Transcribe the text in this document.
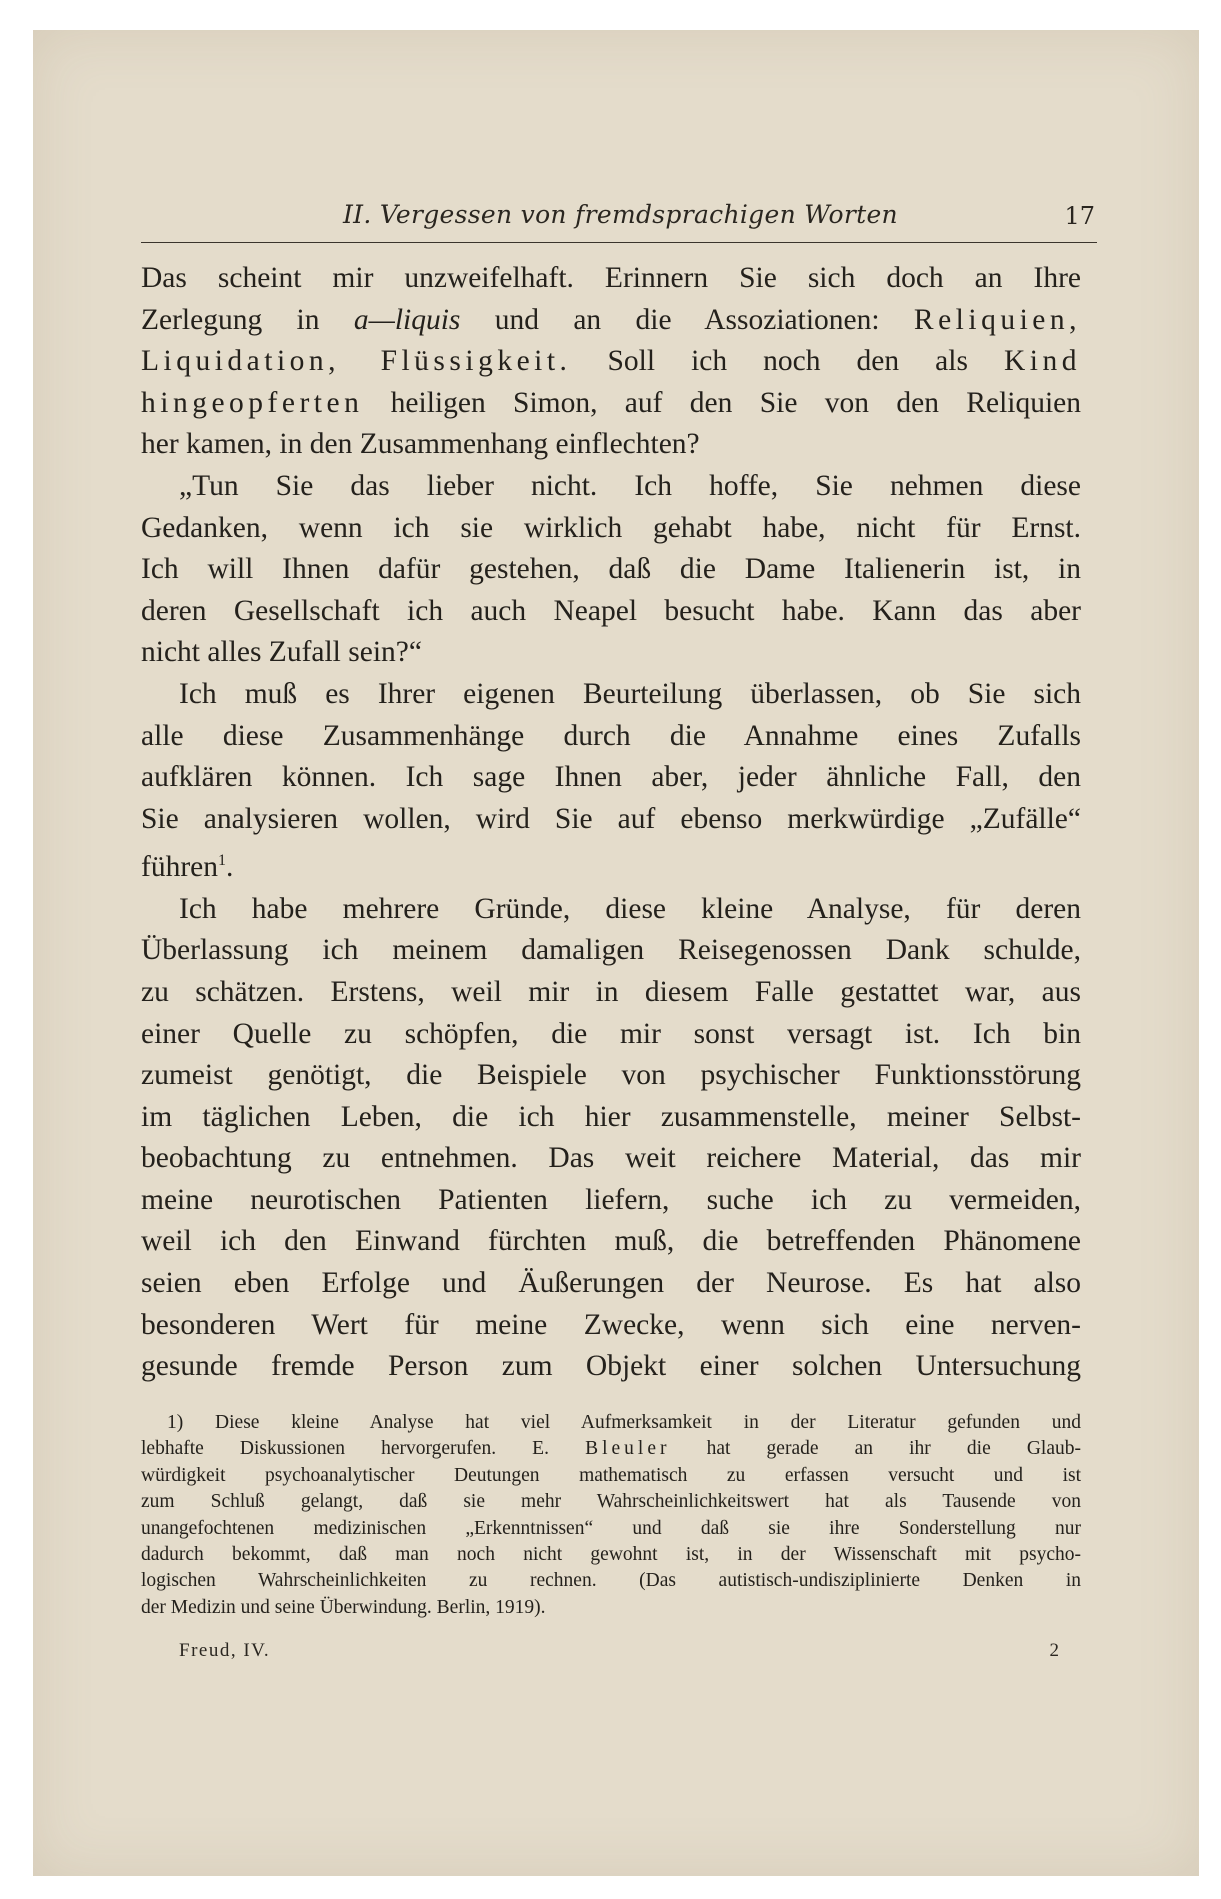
II. Vergessen von fremdsprachigen Worten	17
Das scheint mir unzweifelhaft. Erinnern Sie sich doch an Ihre
Zerlegung in a—liquis und an die Assoziationen: Reliquien,
Liquidation, Flüssigkeit. Soll ich noch den als Kind
hingeopferten heiligen Simon, auf den Sie von den Reliquien
her kamen, in den Zusammenhang einflechten?
„Tun Sie das lieber nicht. Ich hoffe, Sie nehmen diese
Gedanken, wenn ich sie wirklich gehabt habe, nicht für Ernst.
Ich will Ihnen dafür gestehen, daß die Dame Italienerin ist, in
deren Gesellschaft ich auch Neapel besucht habe. Kann das aber
nicht alles Zufall sein?“
Ich muß es Ihrer eigenen Beurteilung überlassen, ob Sie sich
alle diese Zusammenhänge durch die Annahme eines Zufalls
aufklären können. Ich sage Ihnen aber, jeder ähnliche Fall, den
Sie analysieren wollen, wird Sie auf ebenso merkwürdige „Zufälle“
führen$^1$.
Ich habe mehrere Gründe, diese kleine Analyse, für deren
Überlassung ich meinem damaligen Reisegenossen Dank schulde,
zu schätzen. Erstens, weil mir in diesem Falle gestattet war, aus
einer Quelle zu schöpfen, die mir sonst versagt ist. Ich bin
zumeist genötigt, die Beispiele von psychischer Funktionsstörung
im täglichen Leben, die ich hier zusammenstelle, meiner Selbst-
beobachtung zu entnehmen. Das weit reichere Material, das mir
meine neurotischen Patienten liefern, suche ich zu vermeiden,
weil ich den Einwand fürchten muß, die betreffenden Phänomene
seien eben Erfolge und Äußerungen der Neurose. Es hat also
besonderen Wert für meine Zwecke, wenn sich eine nerven-
gesunde fremde Person zum Objekt einer solchen Untersuchung
1) Diese kleine Analyse hat viel Aufmerksamkeit in der Literatur gefunden und
lebhafte Diskussionen hervorgerufen. E. Bleuler hat gerade an ihr die Glaub-
würdigkeit psychoanalytischer Deutungen mathematisch zu erfassen versucht und ist
zum Schluß gelangt, daß sie mehr Wahrscheinlichkeitswert hat als Tausende von
unangefochtenen medizinischen „Erkenntnissen“ und daß sie ihre Sonderstellung nur
dadurch bekommt, daß man noch nicht gewohnt ist, in der Wissenschaft mit psycho-
logischen Wahrscheinlichkeiten zu rechnen. (Das autistisch-undisziplinierte Denken in
der Medizin und seine Überwindung. Berlin, 1919).
Freud, IV.	2
